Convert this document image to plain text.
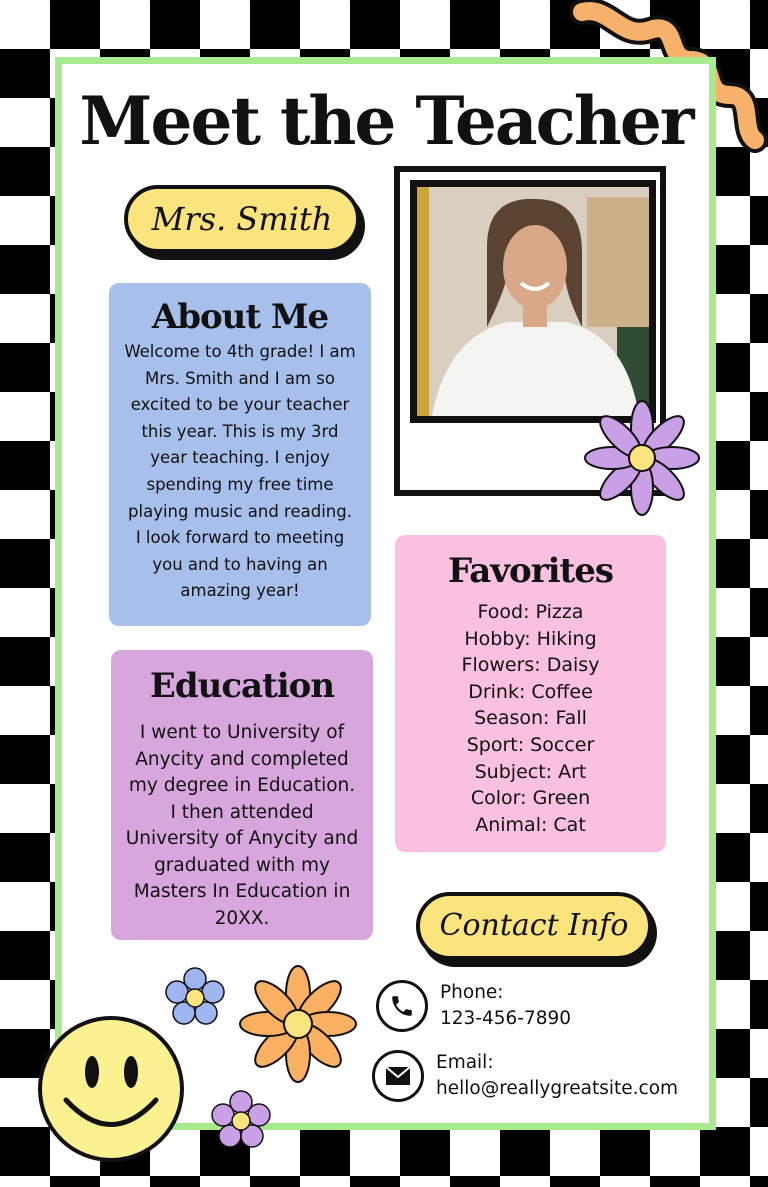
Meet the Teacher
Mrs. Smith
About Me

Welcome to 4th grade! I am Mrs. Smith and I am so excited to be your teacher this year. This is my 3rd year teaching. I enjoy spending my free time playing music and reading. I look forward to meeting you and to having an amazing year!	Favorites
Food: Pizza
Hobby: Hiking
Flowers: Daisy
Drink: Coffee
Season: Fall
Sport: Soccer
Subject: Art
Color: Green
Animal: Cat
Education

I went to University of Anycity and completed my degree in Education. I then attended University of Anycity and graduated with my Masters In Education in 20XX.	Contact Info
Phone:
123-456-7890
Email:
hello@reallygreatsite.com
